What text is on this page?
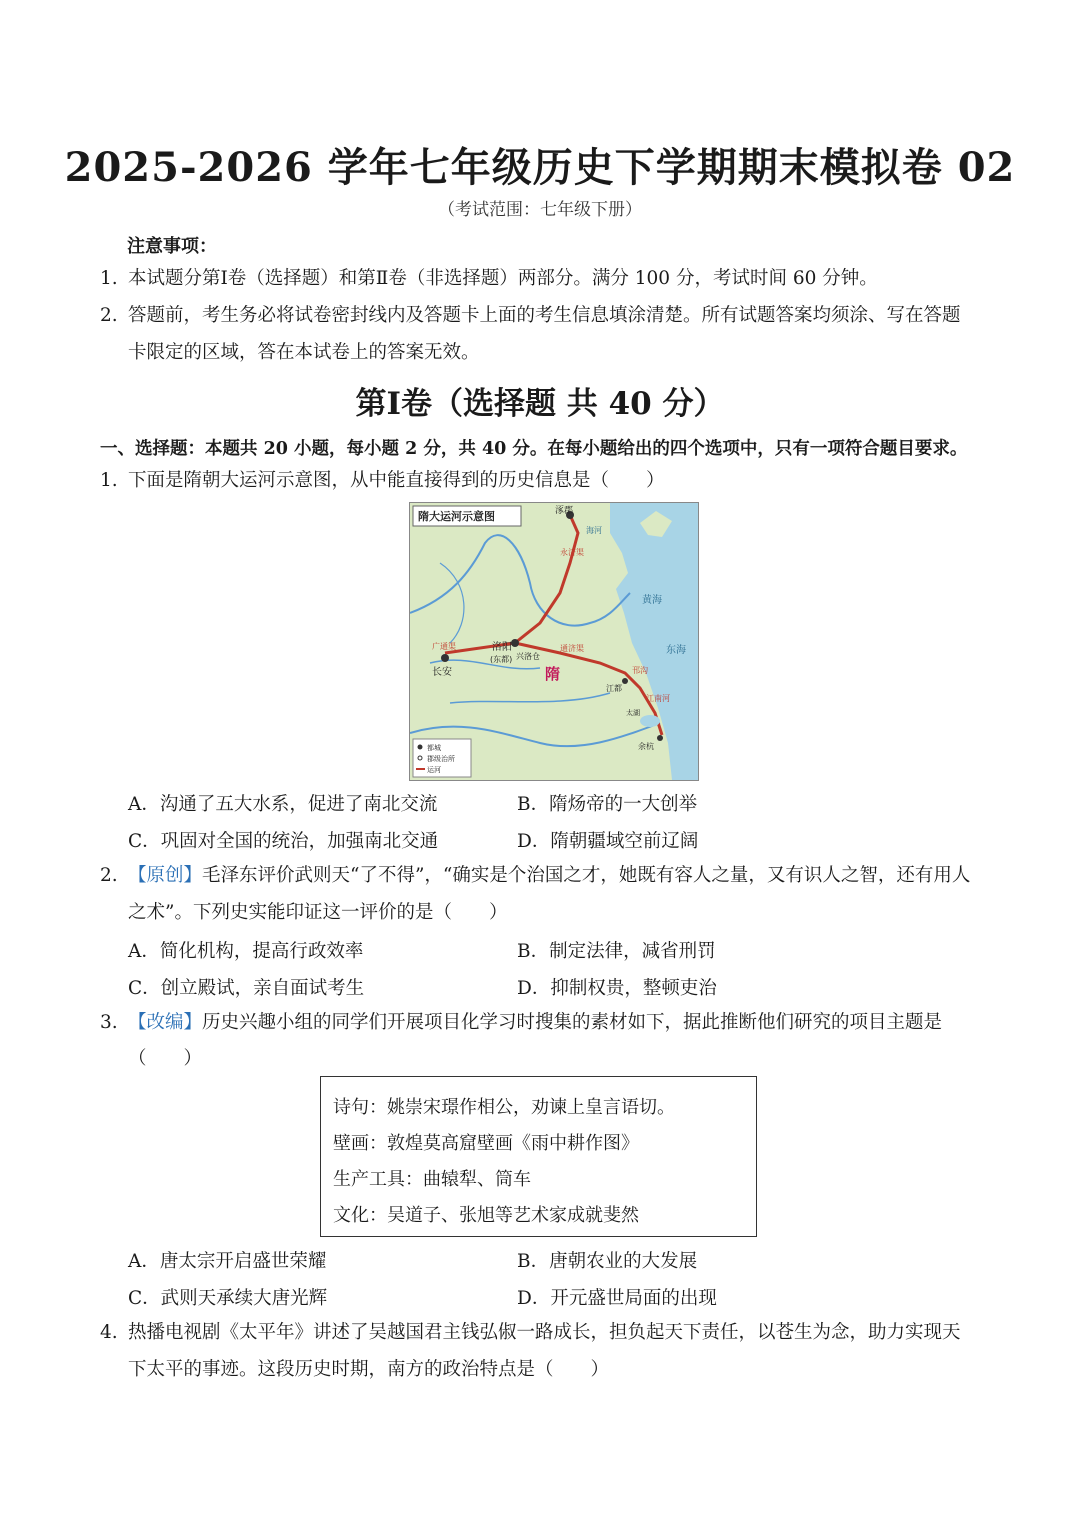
2025-2026 学年七年级历史下学期期末模拟卷 02
（考试范围：七年级下册）
注意事项：
1. 本试题分第Ⅰ卷（选择题）和第Ⅱ卷（非选择题）两部分。满分 100 分，考试时间 60 分钟。
2. 答题前，考生务必将试卷密封线内及答题卡上面的考生信息填涂清楚。所有试题答案均须涂、写在答题
卡限定的区域，答在本试卷上的答案无效。
第Ⅰ卷（选择题 共 40 分）
一、选择题：本题共 20 小题，每小题 2 分，共 40 分。在每小题给出的四个选项中，只有一项符合题目要求。
1. 下面是隋朝大运河示意图，从中能直接得到的历史信息是（　　）
隋大运河示意图	涿郡
洛阳
(东都)
长安
兴洛仓
隋
江都
余杭
广通渠
太湖
永济渠
通济渠
邗沟
江南河
黄海
东海
海河
都城
郡级治所
运河
A．沟通了五大水系，促进了南北交流	B．隋炀帝的一大创举
C．巩固对全国的统治，加强南北交通	D．隋朝疆域空前辽阔
2. 【原创】毛泽东评价武则天“了不得”，“确实是个治国之才，她既有容人之量，又有识人之智，还有用人
之术”。下列史实能印证这一评价的是（　　）
A．简化机构，提高行政效率	B．制定法律，减省刑罚
C．创立殿试，亲自面试考生	D．抑制权贵，整顿吏治
3. 【改编】历史兴趣小组的同学们开展项目化学习时搜集的素材如下，据此推断他们研究的项目主题是
（　　）
诗句：姚崇宋璟作相公，劝谏上皇言语切。
壁画：敦煌莫高窟壁画《雨中耕作图》
生产工具：曲辕犁、筒车
文化：吴道子、张旭等艺术家成就斐然
A．唐太宗开启盛世荣耀	B．唐朝农业的大发展
C．武则天承续大唐光辉	D．开元盛世局面的出现
4. 热播电视剧《太平年》讲述了吴越国君主钱弘俶一路成长，担负起天下责任，以苍生为念，助力实现天
下太平的事迹。这段历史时期，南方的政治特点是（　　）
